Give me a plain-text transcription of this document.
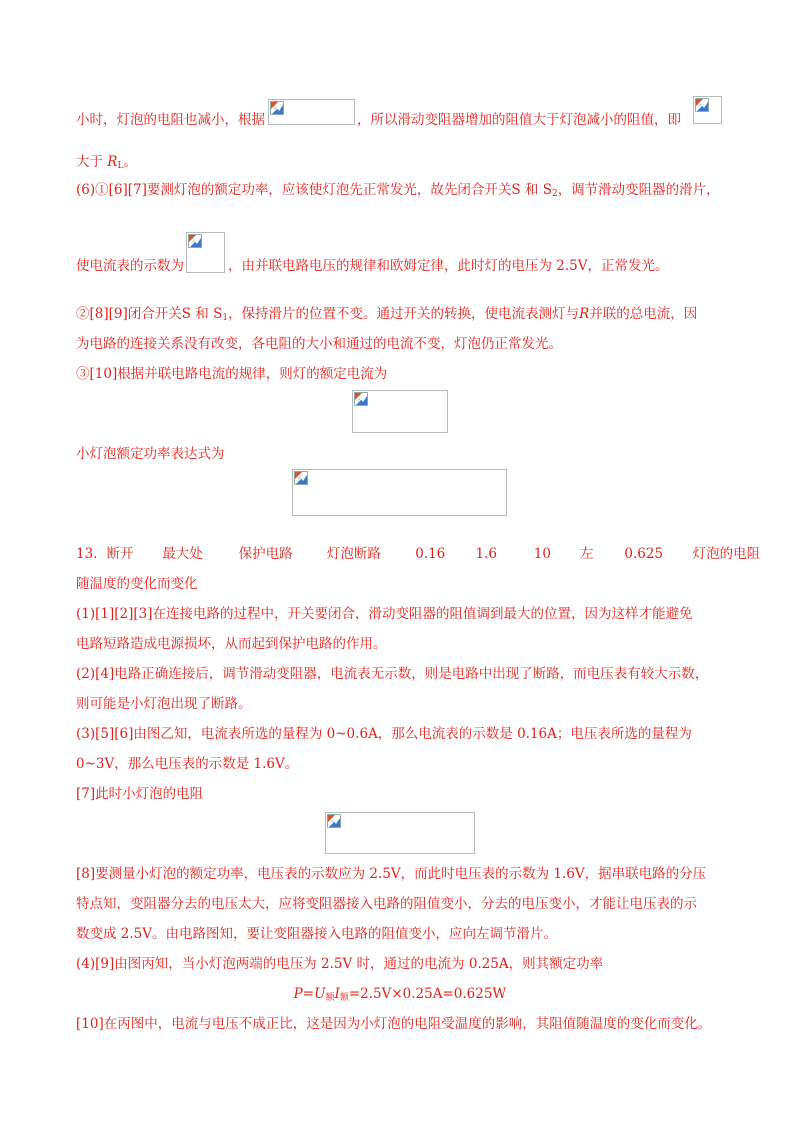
小时，灯泡的电阻也减小，根据	，所以滑动变阻器增加的阻值大于灯泡减小的阻值，即
大于 $R_L$。
(6)①[6][7]要测灯泡的额定功率，应该使灯泡先正常发光，故先闭合开关S 和 $S_2$，调节滑动变阻器的滑片，
使电流表的示数为	，由并联电路电压的规律和欧姆定律，此时灯的电压为 2.5V，正常发光。
②[8][9]闭合开关S 和 $S_1$，保持滑片的位置不变。通过开关的转换，使电流表测灯与R并联的总电流，因
为电路的连接关系没有改变，各电阻的大小和通过的电流不变，灯泡仍正常发光。
③[10]根据并联电路电流的规律，则灯的额定电流为
小灯泡额定功率表达式为
13．断开 最大处	保护电路	灯泡断路	0.16 1.6	10 左 0.625 灯泡的电阻
随温度的变化而变化
(1)[1][2][3]在连接电路的过程中，开关要闭合，滑动变阻器的阻值调到最大的位置，因为这样才能避免
电路短路造成电源损坏，从而起到保护电路的作用。
(2)[4]电路正确连接后，调节滑动变阻器，电流表无示数，则是电路中出现了断路，而电压表有较大示数，
则可能是小灯泡出现了断路。
(3)[5][6]由图乙知，电流表所选的量程为 0~0.6A，那么电流表的示数是 0.16A；电压表所选的量程为
0~3V，那么电压表的示数是 1.6V。
[7]此时小灯泡的电阻
[8]要测量小灯泡的额定功率，电压表的示数应为 2.5V，而此时电压表的示数为 1.6V，据串联电路的分压
特点知，变阻器分去的电压太大，应将变阻器接入电路的阻值变小，分去的电压变小，才能让电压表的示
数变成 2.5V。由电路图知，要让变阻器接入电路的阻值变小，应向左调节滑片。
(4)[9]由图丙知，当小灯泡两端的电压为 2.5V 时，通过的电流为 0.25A，则其额定功率
$P=U_额I_额=2.5V\times 0.25A=0.625W$
[10]在丙图中，电流与电压不成正比，这是因为小灯泡的电阻受温度的影响，其阻值随温度的变化而变化。
